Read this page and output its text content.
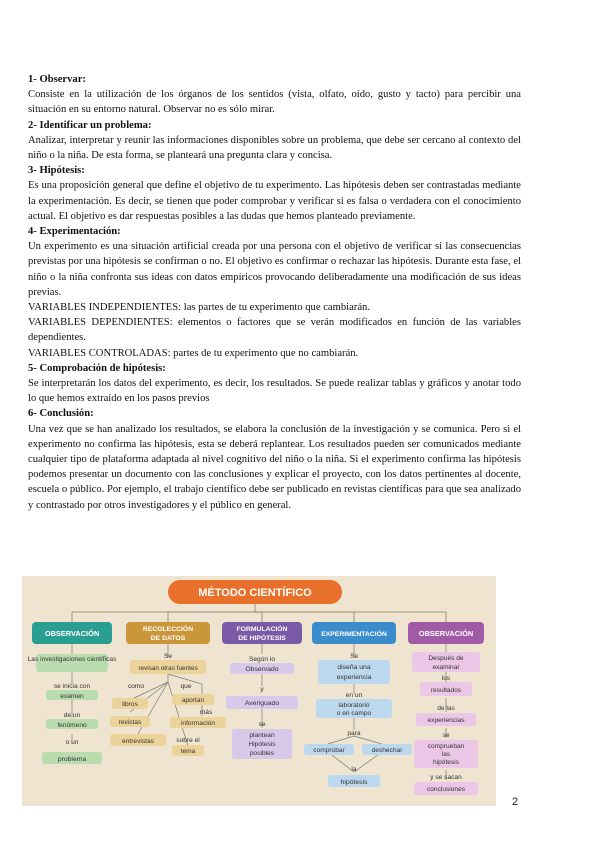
1- Observar:

Consiste en la utilización de los órganos de los sentidos (vista, olfato, oído, gusto y tacto) para percibir una situación en su entorno natural. Observar no es sólo mirar.

2- Identificar un problema:

Analizar, interpretar y reunir las informaciones disponibles sobre un problema, que debe ser cercano al contexto del niño o la niña. De esta forma, se planteará una pregunta clara y concisa.

3- Hipótesis:

Es una proposición general que define el objetivo de tu experimento. Las hipótesis deben ser contrastadas mediante la experimentación. Es decir, se tienen que poder comprobar y verificar si es falsa o verdadera con el conocimiento actual. El objetivo es dar respuestas posibles a las dudas que hemos planteado previamente.

4- Experimentación:

Un experimento es una situación artificial creada por una persona con el objetivo de verificar si las consecuencias previstas por una hipótesis se confirman o no. El objetivo es confirmar o rechazar las hipótesis. Durante esta fase, el niño o la niña confronta sus ideas con datos empíricos provocando deliberadamente una modificación de sus ideas previas.

VARIABLES INDEPENDIENTES: las partes de tu experimento que cambiarán.

VARIABLES DEPENDIENTES: elementos o factores que se verán modificados en función de las variables dependientes.

VARIABLES CONTROLADAS: partes de tu experimento que no cambiarán.

5- Comprobación de hipótesis:

Se interpretarán los datos del experimento, es decir, los resultados. Se puede realizar tablas y gráficos y anotar todo lo que hemos extraído en los pasos previos

6- Conclusión:

Una vez que se han analizado los resultados, se elabora la conclusión de la investigación y se comunica. Pero si el experimento no confirma las hipótesis, esta se deberá replantear. Los resultados pueden ser comunicados mediante cualquier tipo de plataforma adaptada al nivel cognitivo del niño o la niña. Si el experimento confirma las hipótesis podemos presentar un documento con las conclusiones y explicar el proyecto, con los datos pertinentes al docente, escuela o público. Por ejemplo, el trabajo científico debe ser publicado en revistas científicas para que sea analizado y contrastado por otros investigadores y el público en general.

MÉTODO CIENTÍFICO
OBSERVACIÓN	RECOLECCIÓN
DE DATOS
FORMULACIÓN
DE HIPÓTESIS
EXPERIMENTACIÓN	OBSERVACIÓN
Las investigaciones científicas
se inicia con
examen
de un
fenómeno
o un
problema
Se
revisan otras fuentes
como	que
libros
aportan
revistas
más
información
entrevistas	sobre el
tema
Según lo
Observado
y
Averiguado
se
plantean
Hipótesis
posibles
Se
diseña una
experiencia
en un
laboratorio
o en campo
para
comprobar	deshechar
la
hipótesis
Después de
examinar
los
resultados
de las
experiencias
se
comprueban
las
hipótesis
y se sacan
conclusiones
2
